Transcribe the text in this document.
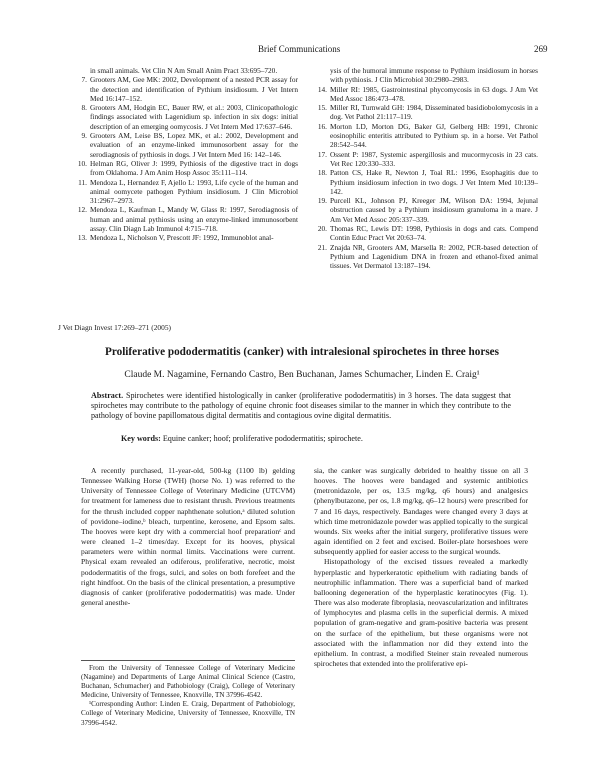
Brief Communications	269
in small animals. Vet Clin N Am Small Anim Pract 33:695–720.
7. Grooters AM, Gee MK: 2002, Development of a nested PCR assay for the detection and identification of Pythium insidiosum. J Vet Intern Med 16:147–152.
8. Grooters AM, Hodgin EC, Bauer RW, et al.: 2003, Clinicopathologic findings associated with Lagenidium sp. infection in six dogs: initial description of an emerging oomycosis. J Vet Intern Med 17:637–646.
9. Grooters AM, Leise BS, Lopez MK, et al.: 2002, Development and evaluation of an enzyme-linked immunosorbent assay for the serodiagnosis of pythiosis in dogs. J Vet Intern Med 16: 142–146.
10. Helman RG, Oliver J: 1999, Pythiosis of the digestive tract in dogs from Oklahoma. J Am Anim Hosp Assoc 35:111–114.
11. Mendoza L, Hernandez F, Ajello L: 1993, Life cycle of the human and animal oomycete pathogen Pythium insidiosum. J Clin Microbiol 31:2967–2973.
12. Mendoza L, Kaufman L, Mandy W, Glass R: 1997, Serodiagnosis of human and animal pythiosis using an enzyme-linked immunosorbent assay. Clin Diagn Lab Immunol 4:715–718.
13. Mendoza L, Nicholson V, Prescott JF: 1992, Immunoblot anal-
ysis of the humoral immune response to Pythium insidiosum in horses with pythiosis. J Clin Microbiol 30:2980–2983.
14. Miller RI: 1985, Gastrointestinal phycomycosis in 63 dogs. J Am Vet Med Assoc 186:473–478.
15. Miller RI, Turnwald GH: 1984, Disseminated basidiobolomycosis in a dog. Vet Pathol 21:117–119.
16. Morton LD, Morton DG, Baker GJ, Gelberg HB: 1991, Chronic eosinophilic enteritis attributed to Pythium sp. in a horse. Vet Pathol 28:542–544.
17. Ossent P: 1987, Systemic aspergillosis and mucormycosis in 23 cats. Vet Rec 120:330–333.
18. Patton CS, Hake R, Newton J, Toal RL: 1996, Esophagitis due to Pythium insidiosum infection in two dogs. J Vet Intern Med 10:139–142.
19. Purcell KL, Johnson PJ, Kreeger JM, Wilson DA: 1994, Jejunal obstruction caused by a Pythium insidiosum granuloma in a mare. J Am Vet Med Assoc 205:337–339.
20. Thomas RC, Lewis DT: 1998, Pythiosis in dogs and cats. Compend Contin Educ Pract Vet 20:63–74.
21. Znajda NR, Grooters AM, Marsella R: 2002, PCR-based detection of Pythium and Lagenidium DNA in frozen and ethanol-fixed animal tissues. Vet Dermatol 13:187–194.
J Vet Diagn Invest 17:269–271 (2005)
Proliferative pododermatitis (canker) with intralesional spirochetes in three horses
Claude M. Nagamine, Fernando Castro, Ben Buchanan, James Schumacher, Linden E. Craig¹
Abstract. Spirochetes were identified histologically in canker (proliferative pododermatitis) in 3 horses. The data suggest that spirochetes may contribute to the pathology of equine chronic foot diseases similar to the manner in which they contribute to the pathology of bovine papillomatous digital dermatitis and contagious ovine digital dermatitis.
Key words: Equine canker; hoof; proliferative pododermatitis; spirochete.

A recently purchased, 11-year-old, 500-kg (1100 lb) gelding Tennessee Walking Horse (TWH) (horse No. 1) was referred to the University of Tennessee College of Veterinary Medicine (UTCVM) for treatment for lameness due to resistant thrush. Previous treatments for the thrush included copper naphthenate solution,ᵃ diluted solution of povidone–iodine,ᵇ bleach, turpentine, kerosene, and Epsom salts. The hooves were kept dry with a commercial hoof preparationᶜ and were cleaned 1–2 times/day. Except for its hooves, physical parameters were within normal limits. Vaccinations were current. Physical exam revealed an odiferous, proliferative, necrotic, moist pododermatitis of the frogs, sulci, and soles on both forefeet and the right hindfoot. On the basis of the clinical presentation, a presumptive diagnosis of canker (proliferative pododermatitis) was made. Under general anesthe-

sia, the canker was surgically debrided to healthy tissue on all 3 hooves. The hooves were bandaged and systemic antibiotics (metronidazole, per os, 13.5 mg/kg, q6 hours) and analgesics (phenylbutazone, per os, 1.8 mg/kg, q6–12 hours) were prescribed for 7 and 16 days, respectively. Bandages were changed every 3 days at which time metronidazole powder was applied topically to the surgical wounds. Six weeks after the initial surgery, proliferative tissues were again identified on 2 feet and excised. Boiler-plate horseshoes were subsequently applied for easier access to the surgical wounds.

Histopathology of the excised tissues revealed a markedly hyperplastic and hyperkeratotic epithelium with radiating bands of neutrophilic inflammation. There was a superficial band of marked ballooning degeneration of the hyperplastic keratinocytes (Fig. 1). There was also moderate fibroplasia, neovascularization and infiltrates of lymphocytes and plasma cells in the superficial dermis. A mixed population of gram-negative and gram-positive bacteria was present on the surface of the epithelium, but these organisms were not associated with the inflammation nor did they extend into the epithelium. In contrast, a modified Steiner stain revealed numerous spirochetes that extended into the proliferative epi-

From the University of Tennessee College of Veterinary Medicine (Nagamine) and Departments of Large Animal Clinical Science (Castro, Buchanan, Schumacher) and Pathobiology (Craig), College of Veterinary Medicine, University of Tennessee, Knoxville, TN 37996-4542.

¹Corresponding Author: Linden E. Craig, Department of Pathobiology, College of Veterinary Medicine, University of Tennessee, Knoxville, TN 37996-4542.
